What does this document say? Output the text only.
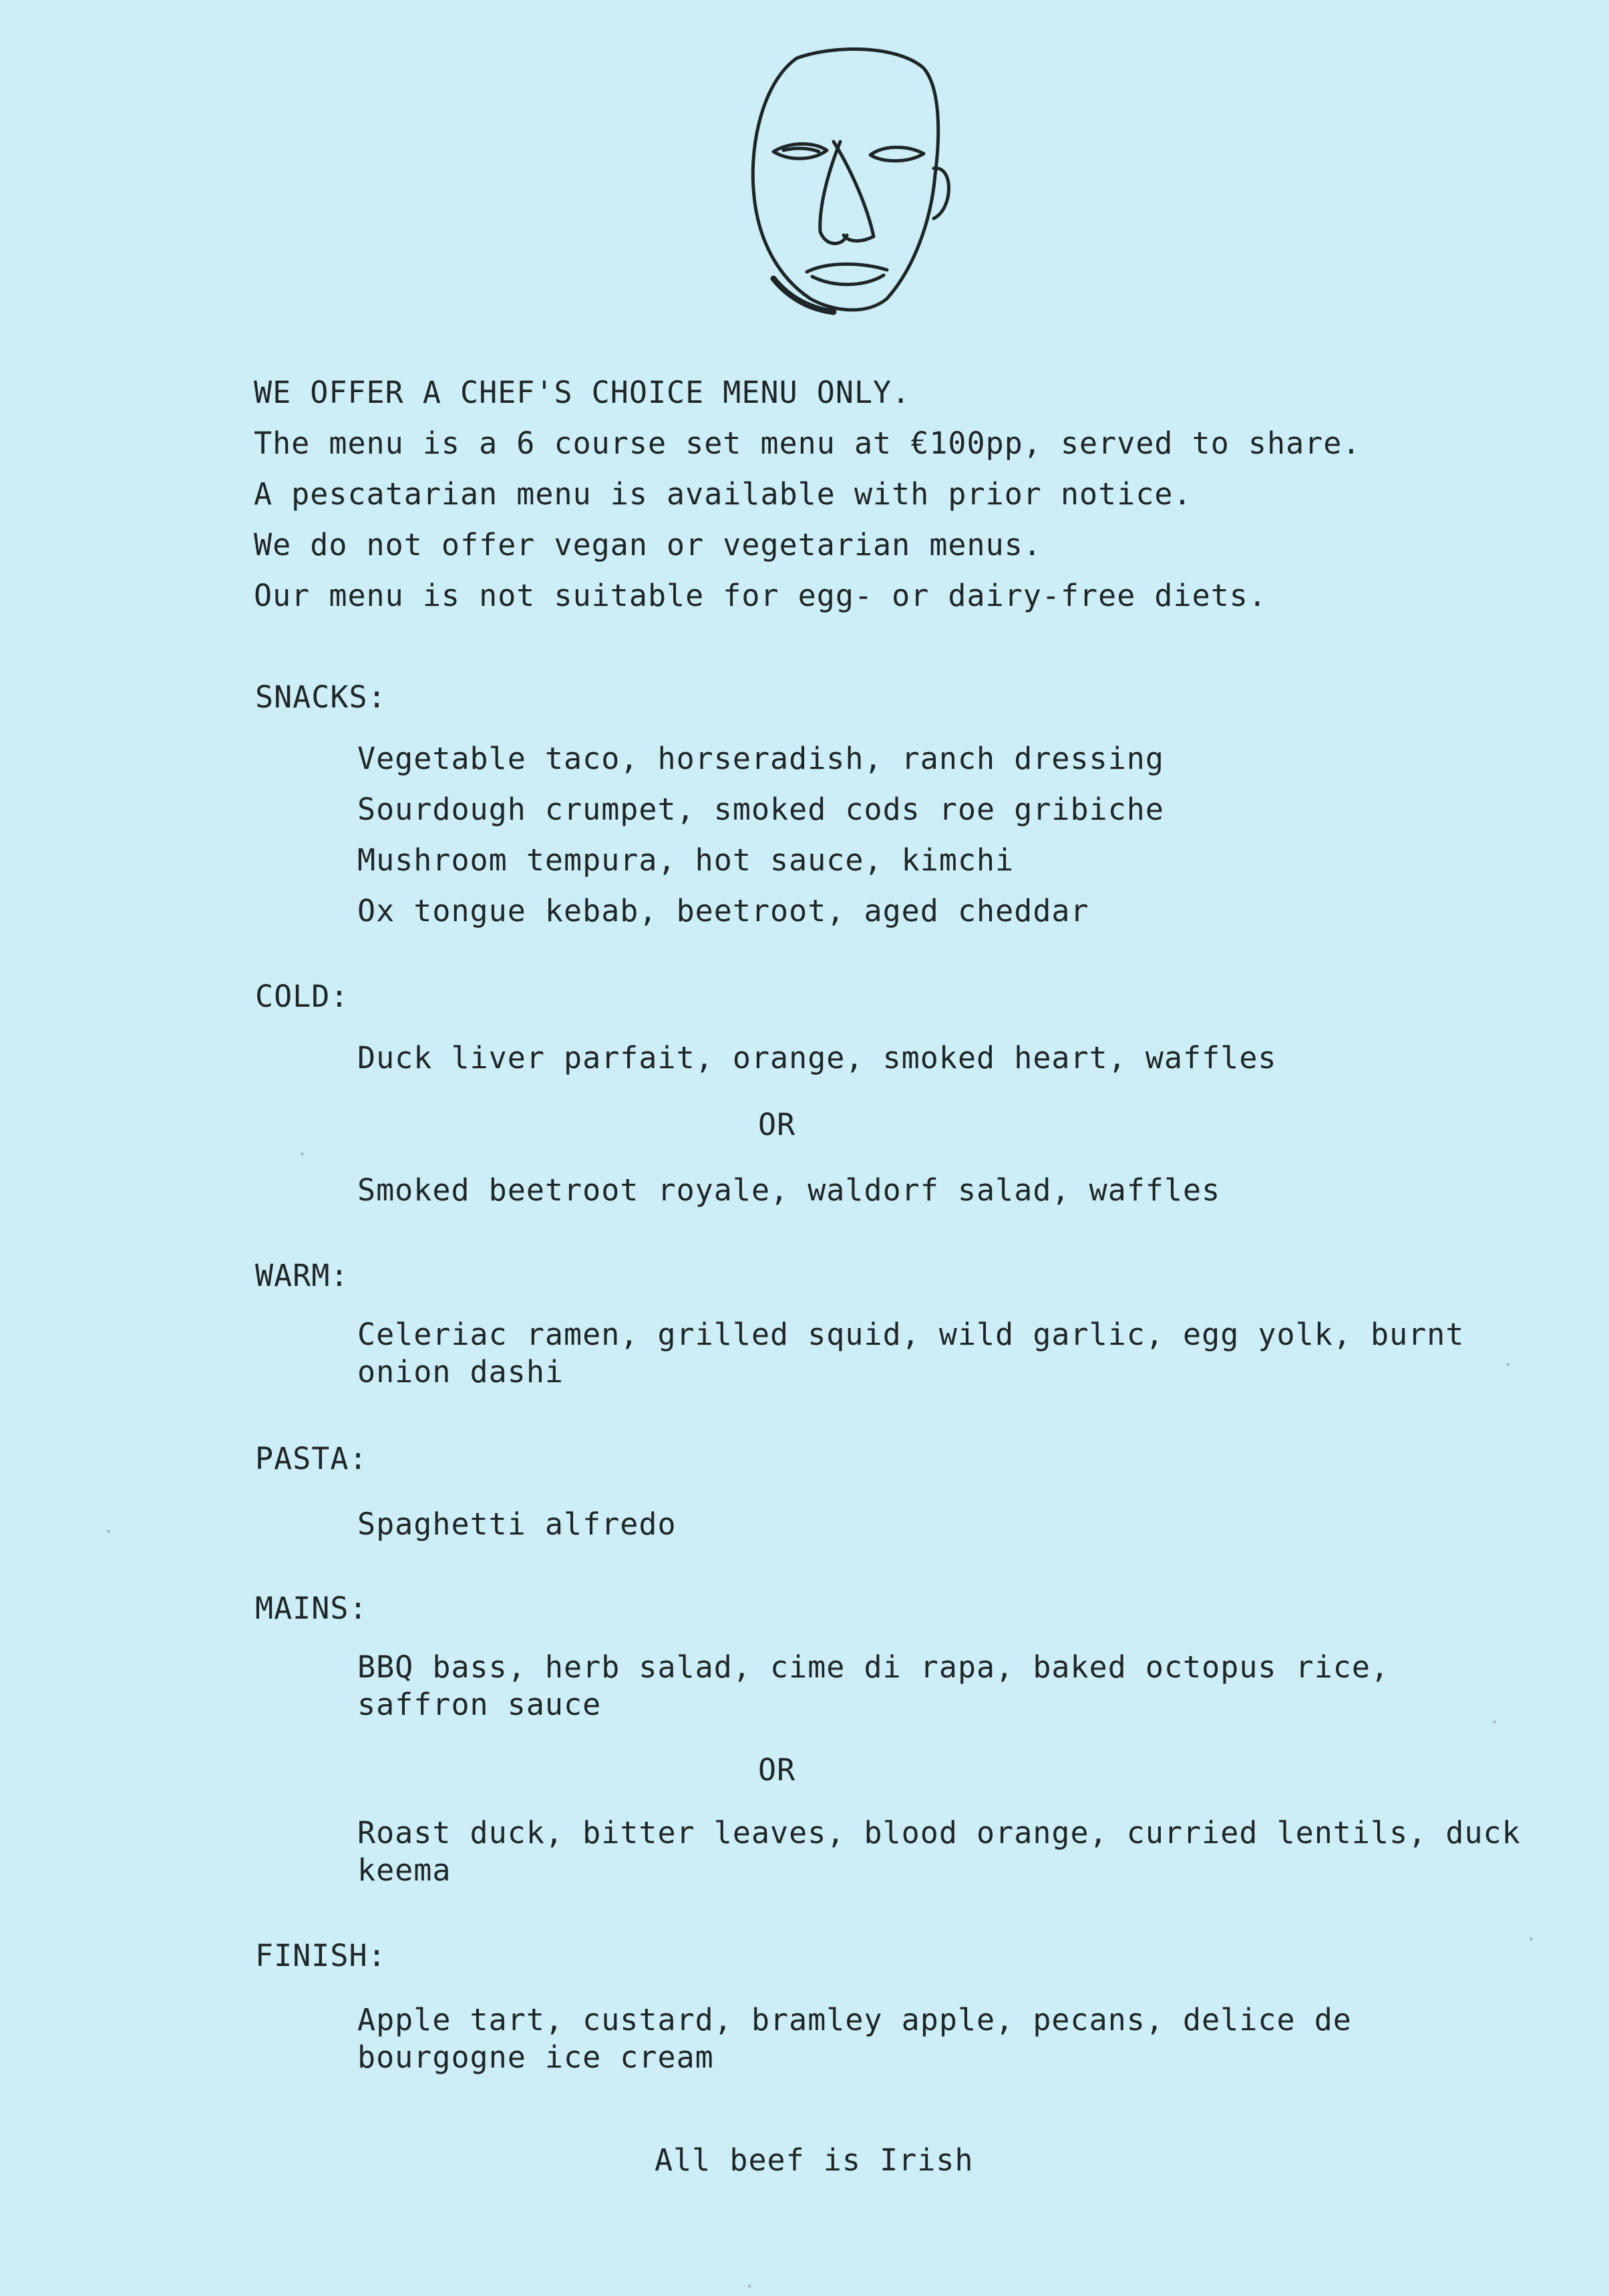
WE OFFER A CHEF'S CHOICE MENU ONLY.
The menu is a 6 course set menu at €100pp, served to share.
A pescatarian menu is available with prior notice.
We do not offer vegan or vegetarian menus.
Our menu is not suitable for egg- or dairy-free diets.
SNACKS:
Vegetable taco, horseradish, ranch dressing
Sourdough crumpet, smoked cods roe gribiche
Mushroom tempura, hot sauce, kimchi
Ox tongue kebab, beetroot, aged cheddar
COLD:
Duck liver parfait, orange, smoked heart, waffles
OR
Smoked beetroot royale, waldorf salad, waffles
WARM:
Celeriac ramen, grilled squid, wild garlic, egg yolk, burnt onion dashi
PASTA:
Spaghetti alfredo
MAINS:
BBQ bass, herb salad, cime di rapa, baked octopus rice, saffron sauce
OR
Roast duck, bitter leaves, blood orange, curried lentils, duck keema
FINISH:
Apple tart, custard, bramley apple, pecans, delice de bourgogne ice cream
All beef is Irish
